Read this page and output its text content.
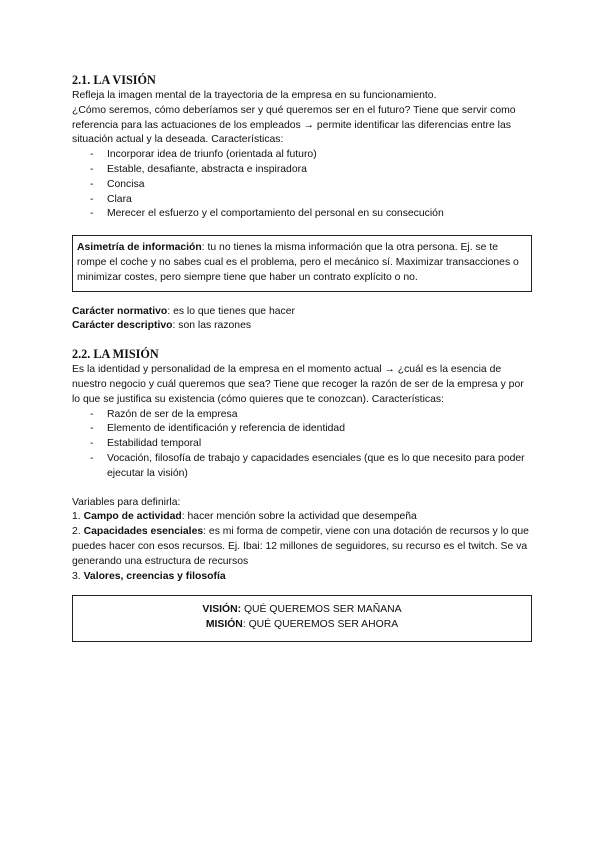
2.1. LA VISIÓN

Refleja la imagen mental de la trayectoria de la empresa en su funcionamiento.

¿Cómo seremos, cómo deberíamos ser y qué queremos ser en el futuro? Tiene que servir como referencia para las actuaciones de los empleados → permite identificar las diferencias entre las situación actual y la deseada. Características:

- Incorporar idea de triunfo (orientada al futuro)
- Estable, desafiante, abstracta e inspiradora
- Concisa
- Clara
- Merecer el esfuerzo y el comportamiento del personal en su consecución
Asimetría de información: tu no tienes la misma información que la otra persona. Ej. se te rompe el coche y no sabes cual es el problema, pero el mecánico sí. Maximizar transacciones o minimizar costes, pero siempre tiene que haber un contrato explícito o no.

Carácter normativo: es lo que tienes que hacer

Carácter descriptivo: son las razones

2.2. LA MISIÓN

Es la identidad y personalidad de la empresa en el momento actual → ¿cuál es la esencia de nuestro negocio y cuál queremos que sea? Tiene que recoger la razón de ser de la empresa y por lo que se justifica su existencia (cómo quieres que te conozcan). Características:

- Razón de ser de la empresa
- Elemento de identificación y referencia de identidad
- Estabilidad temporal
- Vocación, filosofía de trabajo y capacidades esenciales (que es lo que necesito para poder ejecutar la visión)

Variables para definirla:

1. Campo de actividad: hacer mención sobre la actividad que desempeña

2. Capacidades esenciales: es mi forma de competir, viene con una dotación de recursos y lo que puedes hacer con esos recursos. Ej. Ibai: 12 millones de seguidores, su recurso es el twitch. Se va generando una estructura de recursos

3. Valores, creencias y filosofía

VISIÓN: QUÉ QUEREMOS SER MAÑANA
MISIÓN: QUÉ QUEREMOS SER AHORA
